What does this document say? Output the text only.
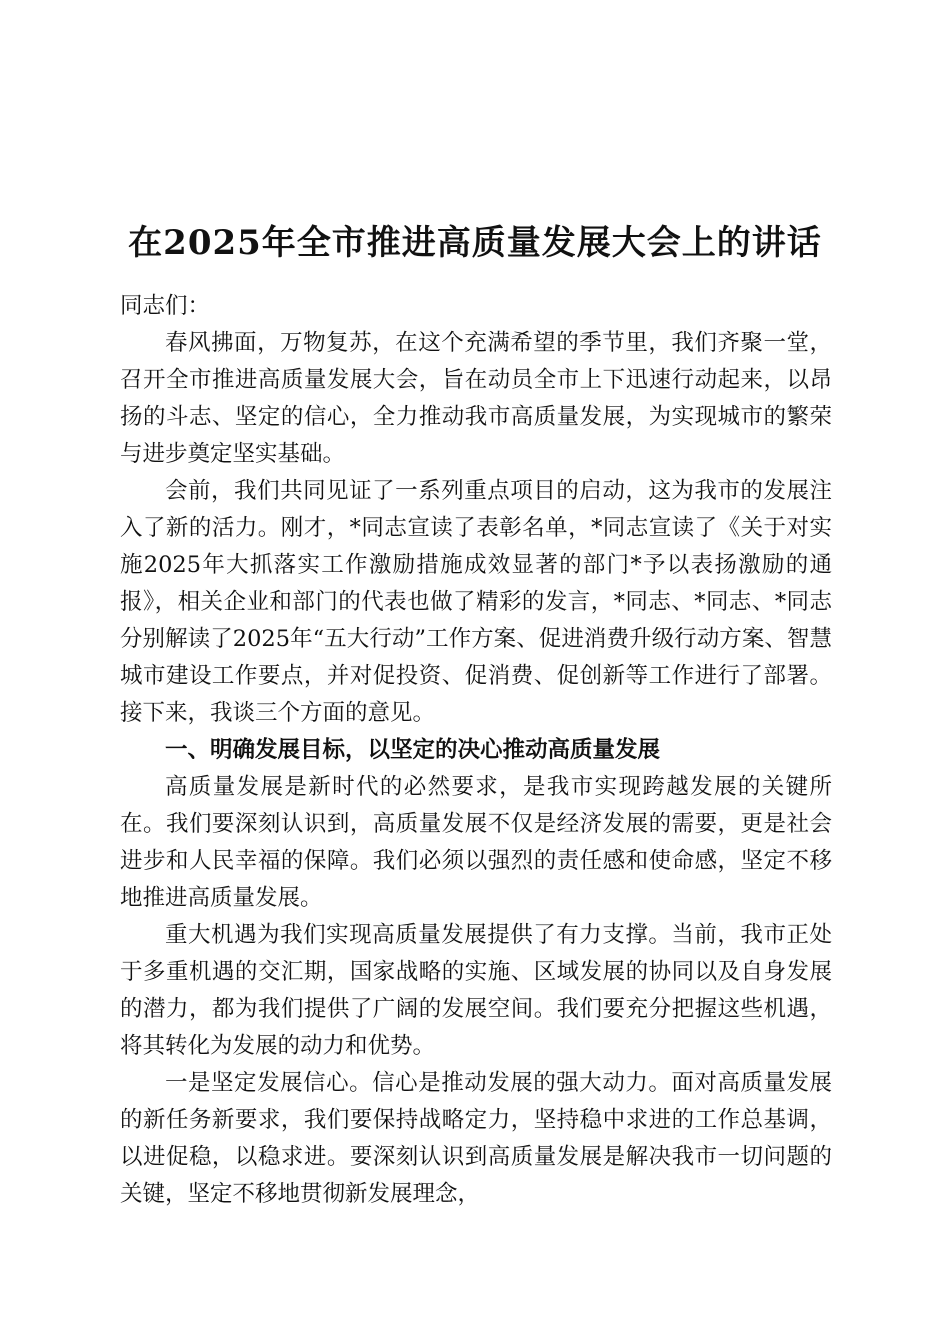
在2025年全市推进高质量发展大会上的讲话

同志们：

春风拂面，万物复苏，在这个充满希望的季节里，我们齐聚一堂，召开全市推进高质量发展大会，旨在动员全市上下迅速行动起来，以昂扬的斗志、坚定的信心，全力推动我市高质量发展，为实现城市的繁荣与进步奠定坚实基础。

会前，我们共同见证了一系列重点项目的启动，这为我市的发展注入了新的活力。刚才，*同志宣读了表彰名单，*同志宣读了《关于对实施2025年大抓落实工作激励措施成效显著的部门*予以表扬激励的通报》，相关企业和部门的代表也做了精彩的发言，*同志、*同志、*同志分别解读了2025年“五大行动”工作方案、促进消费升级行动方案、智慧城市建设工作要点，并对促投资、促消费、促创新等工作进行了部署。接下来，我谈三个方面的意见。

一、明确发展目标，以坚定的决心推动高质量发展

高质量发展是新时代的必然要求，是我市实现跨越发展的关键所在。我们要深刻认识到，高质量发展不仅是经济发展的需要，更是社会进步和人民幸福的保障。我们必须以强烈的责任感和使命感，坚定不移地推进高质量发展。

重大机遇为我们实现高质量发展提供了有力支撑。当前，我市正处于多重机遇的交汇期，国家战略的实施、区域发展的协同以及自身发展的潜力，都为我们提供了广阔的发展空间。我们要充分把握这些机遇，将其转化为发展的动力和优势。

一是坚定发展信心。信心是推动发展的强大动力。面对高质量发展的新任务新要求，我们要保持战略定力，坚持稳中求进的工作总基调，以进促稳，以稳求进。要深刻认识到高质量发展是解决我市一切问题的关键，坚定不移地贯彻新发展理念，
